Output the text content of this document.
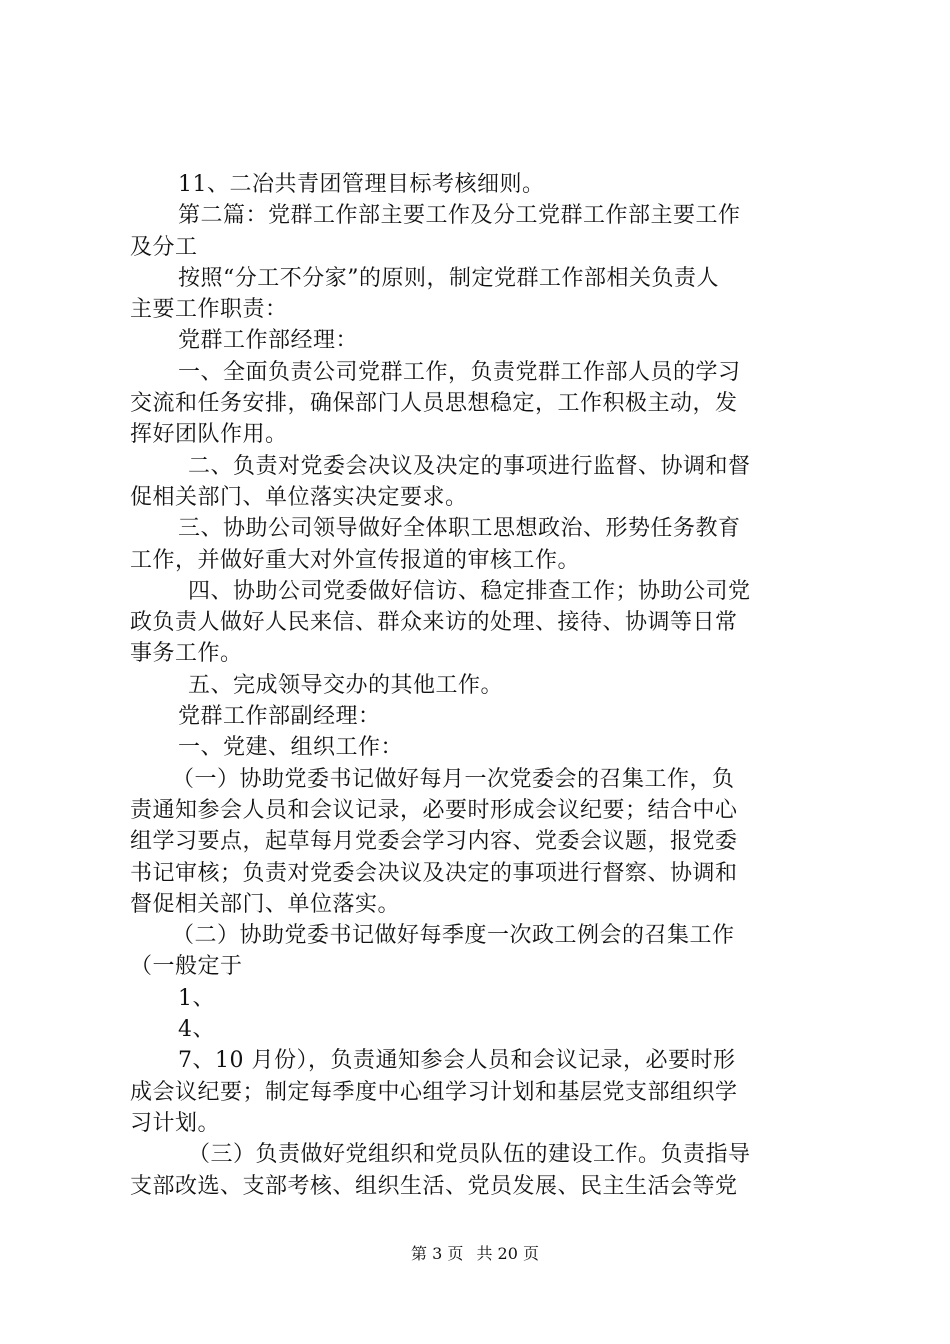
11、二冶共青团管理目标考核细则。
第二篇：党群工作部主要工作及分工党群工作部主要工作
及分工
按照“分工不分家”的原则，制定党群工作部相关负责人
主要工作职责：
党群工作部经理：
一、全面负责公司党群工作，负责党群工作部人员的学习
交流和任务安排，确保部门人员思想稳定，工作积极主动，发
挥好团队作用。
二、负责对党委会决议及决定的事项进行监督、协调和督
促相关部门、单位落实决定要求。
三、协助公司领导做好全体职工思想政治、形势任务教育
工作，并做好重大对外宣传报道的审核工作。
四、协助公司党委做好信访、稳定排查工作；协助公司党
政负责人做好人民来信、群众来访的处理、接待、协调等日常
事务工作。
五、完成领导交办的其他工作。
党群工作部副经理：
一、党建、组织工作：
（一）协助党委书记做好每月一次党委会的召集工作，负
责通知参会人员和会议记录，必要时形成会议纪要；结合中心
组学习要点，起草每月党委会学习内容、党委会议题，报党委
书记审核；负责对党委会决议及决定的事项进行督察、协调和
督促相关部门、单位落实。
（二）协助党委书记做好每季度一次政工例会的召集工作
（一般定于
1、
4、
7、10 月份），负责通知参会人员和会议记录，必要时形
成会议纪要；制定每季度中心组学习计划和基层党支部组织学
习计划。
（三）负责做好党组织和党员队伍的建设工作。负责指导
支部改选、支部考核、组织生活、党员发展、民主生活会等党
第 3 页 共 20 页
